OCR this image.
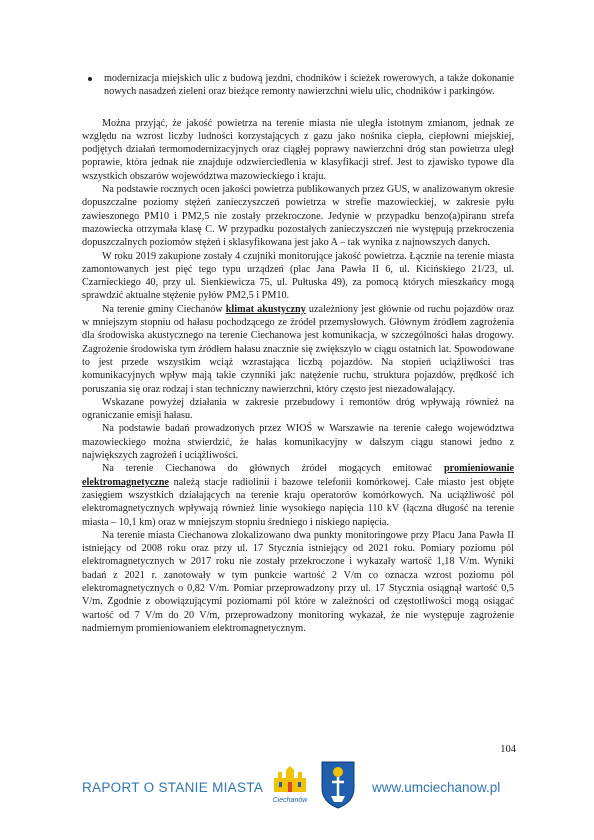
modernizacja miejskich ulic z budową jezdni, chodników i ścieżek rowerowych, a także dokonanie nowych nasadzeń zieleni oraz bieżące remonty nawierzchni wielu ulic, chodników i parkingów.

Można przyjąć, że jakość powietrza na terenie miasta nie uległa istotnym zmianom, jednak ze względu na wzrost liczby ludności korzystających z gazu jako nośnika ciepła, ciepłowni miejskiej, podjętych działań termomodernizacyjnych oraz ciągłej poprawy nawierzchni dróg stan powietrza uległ poprawie, która jednak nie znajduje odzwierciedlenia w klasyfikacji stref. Jest to zjawisko typowe dla wszystkich obszarów województwa mazowieckiego i kraju.

Na podstawie rocznych ocen jakości powietrza publikowanych przez GUS, w analizowanym okresie dopuszczalne poziomy stężeń zanieczyszczeń powietrza w strefie mazowieckiej, w zakresie pyłu zawieszonego PM10 i PM2,5 nie zostały przekroczone. Jedynie w przypadku benzo(a)piranu strefa mazowiecka otrzymała klasę C. W przypadku pozostałych zanieczyszczeń nie występują przekroczenia dopuszczalnych poziomów stężeń i sklasyfikowana jest jako A – tak wynika z najnowszych danych.

W roku 2019 zakupione zostały 4 czujniki monitorujące jakość powietrza. Łącznie na terenie miasta zamontowanych jest pięć tego typu urządzeń (plac Jana Pawła II 6, ul. Kicińskiego 21/23, ul. Czarnieckiego 40, przy ul. Sienkiewicza 75, ul. Pułtuska 49), za pomocą których mieszkańcy mogą sprawdzić aktualne stężenie pyłów PM2,5 i PM10.

Na terenie gminy Ciechanów klimat akustyczny uzależniony jest głównie od ruchu pojazdów oraz w mniejszym stopniu od hałasu pochodzącego ze źródeł przemysłowych. Głównym źródłem zagrożenia dla środowiska akustycznego na terenie Ciechanowa jest komunikacja, w szczególności hałas drogowy. Zagrożenie środowiska tym źródłem hałasu znacznie się zwiększyło w ciągu ostatnich lat. Spowodowane to jest przede wszystkim wciąż wzrastająca liczbą pojazdów. Na stopień uciążliwości tras komunikacyjnych wpływ mają takie czynniki jak: natężenie ruchu, struktura pojazdów, prędkość ich poruszania się oraz rodzaj i stan techniczny nawierzchni, który często jest niezadowalający.

Wskazane powyżej działania w zakresie przebudowy i remontów dróg wpływają również na ograniczanie emisji hałasu.

Na podstawie badań prowadzonych przez WIOŚ w Warszawie na terenie całego województwa mazowieckiego można stwierdzić, że hałas komunikacyjny w dalszym ciągu stanowi jedno z największych zagrożeń i uciążliwości.

Na terenie Ciechanowa do głównych źródeł mogących emitować promieniowanie elektromagnetyczne należą stacje radiolinii i bazowe telefonii komórkowej. Całe miasto jest objęte zasięgiem wszystkich działających na terenie kraju operatorów komórkowych. Na uciążliwość pól elektromagnetycznych wpływają również linie wysokiego napięcia 110 kV (łączna długość na terenie miasta – 10,1 km) oraz w mniejszym stopniu średniego i niskiego napięcia.

Na terenie miasta Ciechanowa zlokalizowano dwa punkty monitoringowe przy Placu Jana Pawła II istniejący od 2008 roku oraz przy ul. 17 Stycznia istniejący od 2021 roku. Pomiary poziomu pól elektromagnetycznych w 2017 roku nie zostały przekroczone i wykazały wartość 1,18 V/m. Wyniki badań z 2021 r. zanotowały w tym punkcie wartość 2 V/m co oznacza wzrost poziomu pól elektromagnetycznych o 0,82 V/m. Pomiar przeprowadzony przy ul. 17 Stycznia osiągnął wartość 0,5 V/m. Zgodnie z obowiązującymi poziomami pól które w zależności od częstotliwości mogą osiągać wartość od 7 V/m do 20 V/m, przeprowadzony monitoring wykazał, że nie występuje zagrożenie nadmiernym promieniowaniem elektromagnetycznym.

104
RAPORT O STANIE MIASTA
Ciechanów
www.umciechanow.pl
